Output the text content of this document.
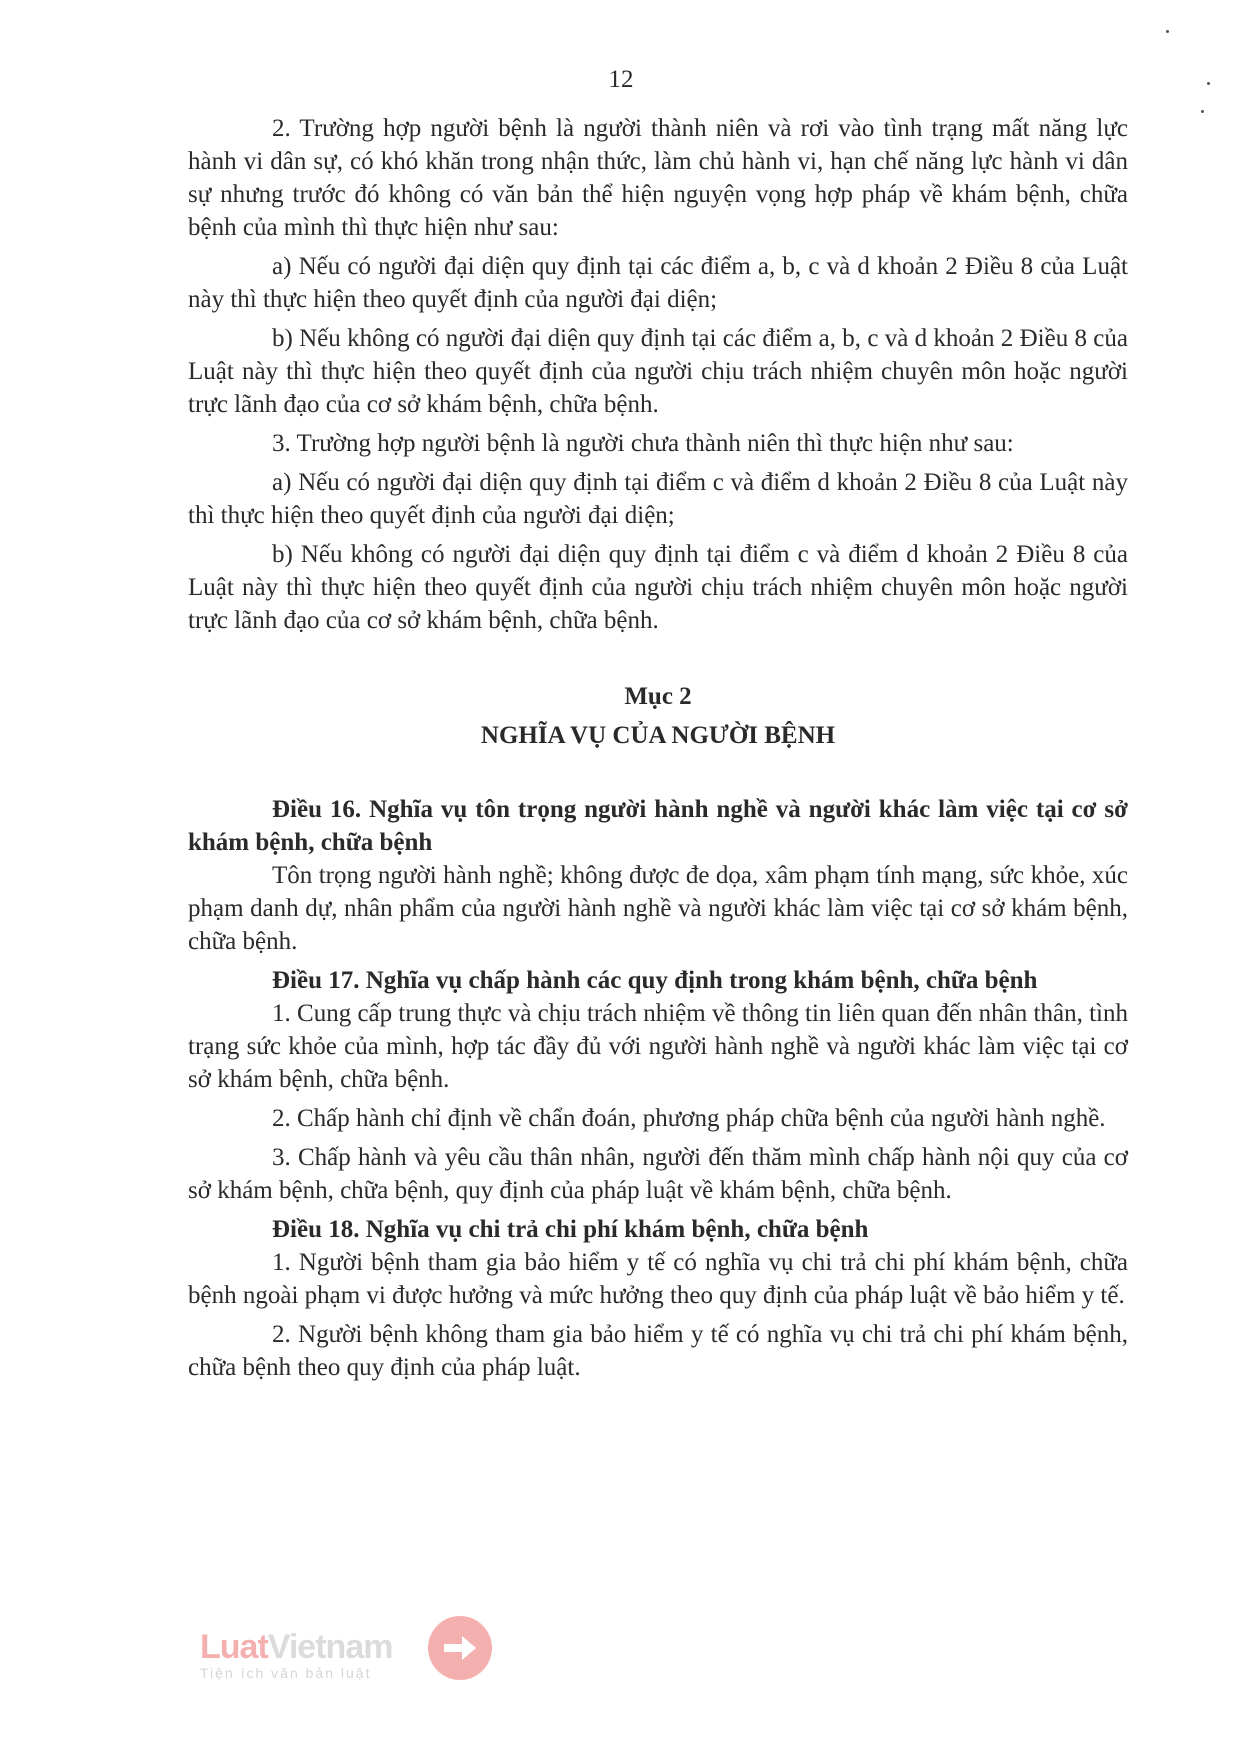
12

2. Trường hợp người bệnh là người thành niên và rơi vào tình trạng mất năng lực hành vi dân sự, có khó khăn trong nhận thức, làm chủ hành vi, hạn chế năng lực hành vi dân sự nhưng trước đó không có văn bản thể hiện nguyện vọng hợp pháp về khám bệnh, chữa bệnh của mình thì thực hiện như sau:

a) Nếu có người đại diện quy định tại các điểm a, b, c và d khoản 2 Điều 8 của Luật này thì thực hiện theo quyết định của người đại diện;

b) Nếu không có người đại diện quy định tại các điểm a, b, c và d khoản 2 Điều 8 của Luật này thì thực hiện theo quyết định của người chịu trách nhiệm chuyên môn hoặc người trực lãnh đạo của cơ sở khám bệnh, chữa bệnh.

3. Trường hợp người bệnh là người chưa thành niên thì thực hiện như sau:

a) Nếu có người đại diện quy định tại điểm c và điểm d khoản 2 Điều 8 của Luật này thì thực hiện theo quyết định của người đại diện;

b) Nếu không có người đại diện quy định tại điểm c và điểm d khoản 2 Điều 8 của Luật này thì thực hiện theo quyết định của người chịu trách nhiệm chuyên môn hoặc người trực lãnh đạo của cơ sở khám bệnh, chữa bệnh.

Mục 2
NGHĨA VỤ CỦA NGƯỜI BỆNH

Điều 16. Nghĩa vụ tôn trọng người hành nghề và người khác làm việc tại cơ sở khám bệnh, chữa bệnh

Tôn trọng người hành nghề; không được đe dọa, xâm phạm tính mạng, sức khỏe, xúc phạm danh dự, nhân phẩm của người hành nghề và người khác làm việc tại cơ sở khám bệnh, chữa bệnh.

Điều 17. Nghĩa vụ chấp hành các quy định trong khám bệnh, chữa bệnh

1. Cung cấp trung thực và chịu trách nhiệm về thông tin liên quan đến nhân thân, tình trạng sức khỏe của mình, hợp tác đầy đủ với người hành nghề và người khác làm việc tại cơ sở khám bệnh, chữa bệnh.

2. Chấp hành chỉ định về chẩn đoán, phương pháp chữa bệnh của người hành nghề.

3. Chấp hành và yêu cầu thân nhân, người đến thăm mình chấp hành nội quy của cơ sở khám bệnh, chữa bệnh, quy định của pháp luật về khám bệnh, chữa bệnh.

Điều 18. Nghĩa vụ chi trả chi phí khám bệnh, chữa bệnh

1. Người bệnh tham gia bảo hiểm y tế có nghĩa vụ chi trả chi phí khám bệnh, chữa bệnh ngoài phạm vi được hưởng và mức hưởng theo quy định của pháp luật về bảo hiểm y tế.

2. Người bệnh không tham gia bảo hiểm y tế có nghĩa vụ chi trả chi phí khám bệnh, chữa bệnh theo quy định của pháp luật.

LuatVietnam
Tiện ích văn bản luật
